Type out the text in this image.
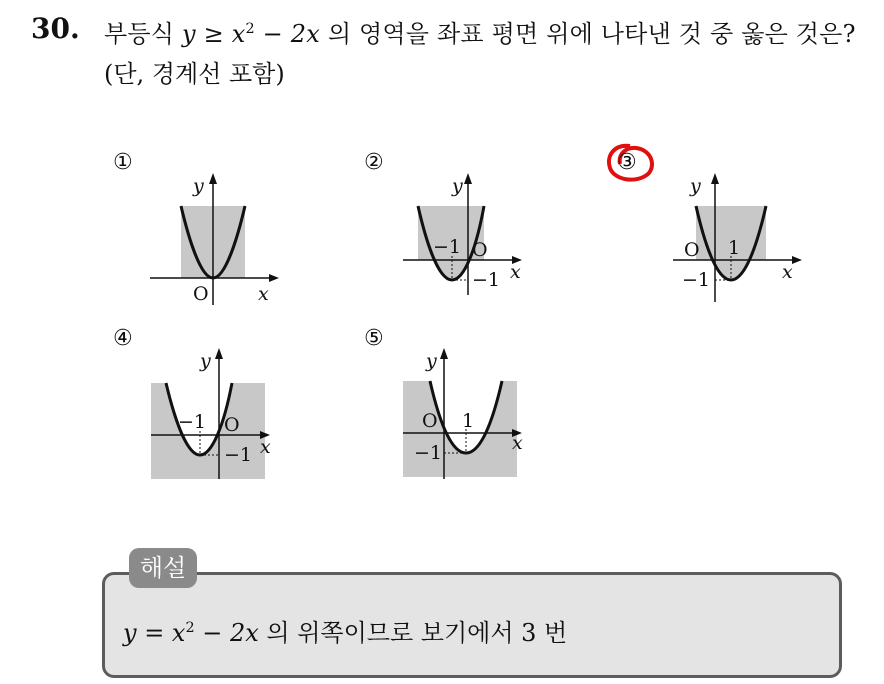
30. 부등식 $y \ge x^2 - 2x$ 의 영역을 좌표 평면 위에 나타낸 것 중 옳은 것은?
(단, 경계선 포함)
①
O	x
y
②
−1 O
−1 x
y
③
O 1
−1	x
y
④
−1 O
−1 x
y
⑤
O 1
−1	x
y
해설
$y = x^2 - 2x$ 의 위쪽이므로 보기에서 3 번
